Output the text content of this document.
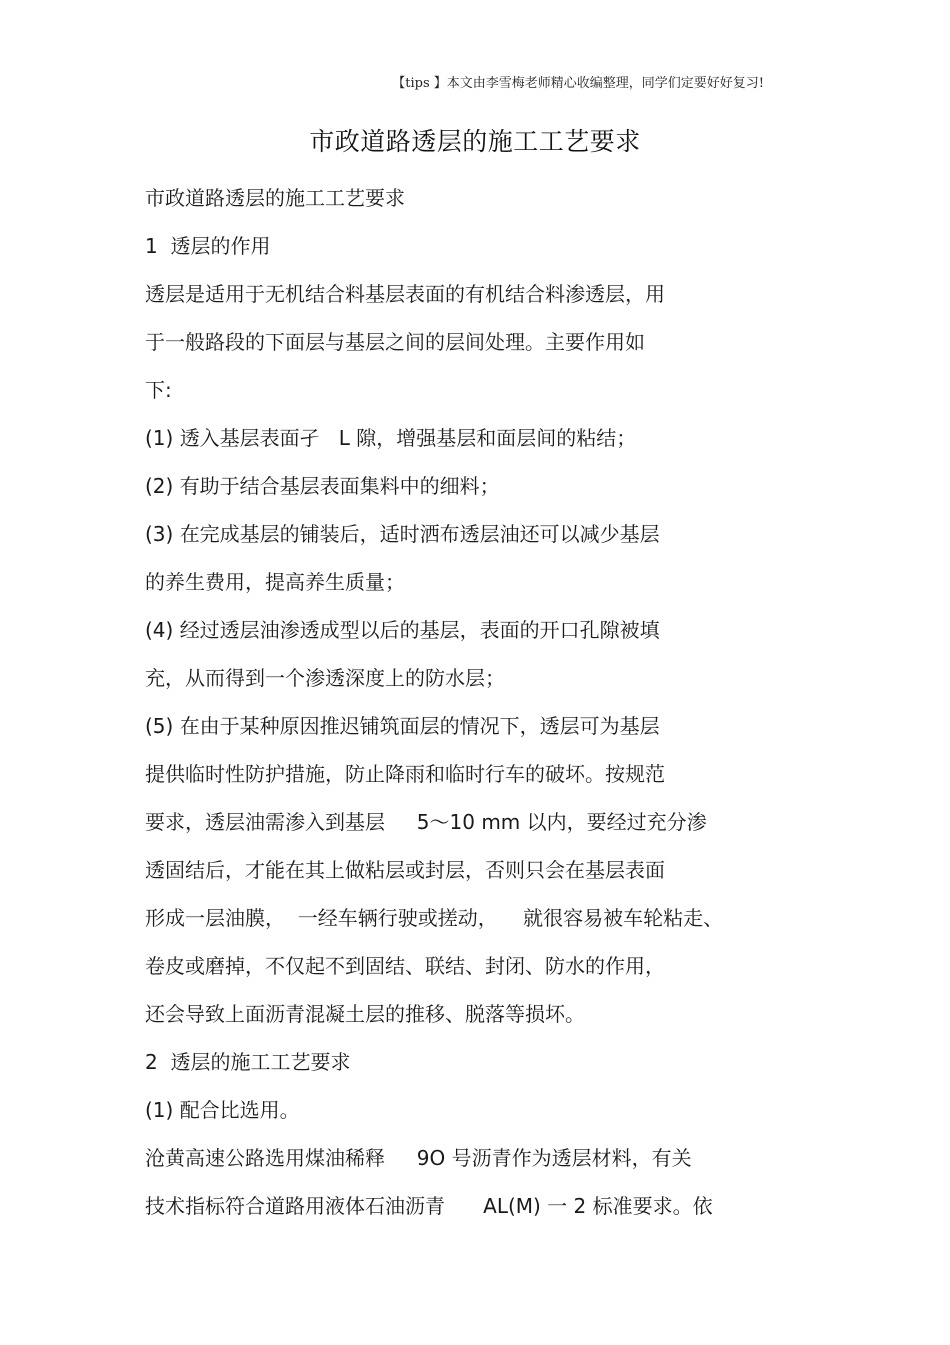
【tips 】本文由李雪梅老师精心收编整理，同学们定要好好复习!
市政道路透层的施工工艺要求
市政道路透层的施工工艺要求
1  透层的作用
透层是适用于无机结合料基层表面的有机结合料渗透层，用
于一般路段的下面层与基层之间的层间处理。主要作用如
下:
(1) 透入基层表面孑   L 隙，增强基层和面层间的粘结；
(2) 有助于结合基层表面集料中的细料；
(3) 在完成基层的铺装后，适时洒布透层油还可以减少基层
的养生费用，提高养生质量；
(4) 经过透层油渗透成型以后的基层，表面的开口孔隙被填
充，从而得到一个渗透深度上的防水层；
(5) 在由于某种原因推迟铺筑面层的情况下，透层可为基层
提供临时性防护措施，防止降雨和临时行车的破坏。按规范
要求，透层油需渗入到基层     5～10 mm 以内，要经过充分渗
透固结后，才能在其上做粘层或封层，否则只会在基层表面
形成一层油膜，  一经车辆行驶或搓动，    就很容易被车轮粘走、
卷皮或磨掉，不仅起不到固结、联结、封闭、防水的作用，
还会导致上面沥青混凝土层的推移、脱落等损坏。
2  透层的施工工艺要求
(1) 配合比选用。
沧黄高速公路选用煤油稀释     9O 号沥青作为透层材料，有关
技术指标符合道路用液体石油沥青      AL(M) 一 2 标准要求。依
